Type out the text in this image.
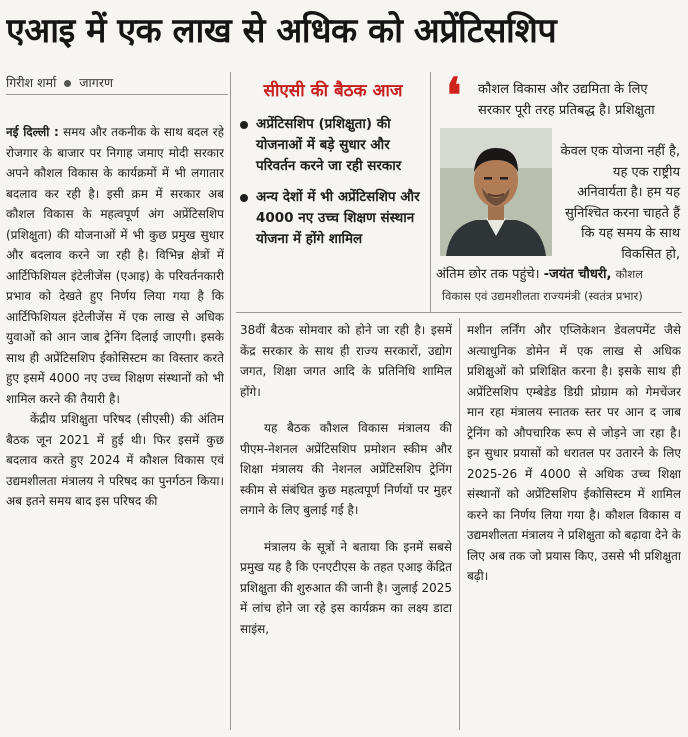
एआइ में एक लाख से अधिक को अप्रेंटिसशिप
गिरीश शर्मा जागरण

नई दिल्ली : समय और तकनीक के साथ बदल रहे रोजगार के बाजार पर निगाह जमाए मोदी सरकार अपने कौशल विकास के कार्यक्रमों में भी लगातार बदलाव कर रही है। इसी क्रम में सरकार अब कौशल विकास के महत्वपूर्ण अंग अप्रेंटिसशिप (प्रशिक्षुता) की योजनाओं में भी कुछ प्रमुख सुधार और बदलाव करने जा रही है। विभिन्न क्षेत्रों में आर्टिफिशियल इंटेलीजेंस (एआइ) के परिवर्तनकारी प्रभाव को देखते हुए निर्णय लिया गया है कि आर्टिफिशियल इंटेलीजेंस में एक लाख से अधिक युवाओं को आन जाब ट्रेनिंग दिलाई जाएगी। इसके साथ ही अप्रेंटिसशिप ईकोसिस्टम का विस्तार करते हुए इसमें 4000 नए उच्च शिक्षण संस्थानों को भी शामिल करने की तैयारी है।

केंद्रीय प्रशिक्षुता परिषद (सीएसी) की अंतिम बैठक जून 2021 में हुई थी। फिर इसमें कुछ बदलाव करते हुए 2024 में कौशल विकास एवं उद्यमशीलता मंत्रालय ने परिषद का पुनर्गठन किया। अब इतने समय बाद इस परिषद की

सीएसी की बैठक आज
अप्रेंटिसशिप (प्रशिक्षुता) की योजनाओं में बड़े सुधार और परिवर्तन करने जा रही सरकार
अन्य देशों में भी अप्रेंटिसशिप और 4000 नए उच्च शिक्षण संस्थान योजना में होंगे शामिल
❛ कौशल विकास और उद्यमिता के लिए सरकार पूरी तरह प्रतिबद्ध है। प्रशिक्षुता
केवल एक योजना नहीं है, यह एक राष्ट्रीय अनिवार्यता है। हम यह सुनिश्चित करना चाहते हैं कि यह समय के साथ विकसित हो,
अंतिम छोर तक पहुंचे। -जयंत चौधरी, कौशल
विकास एवं उद्यमशीलता राज्यमंत्री (स्वतंत्र प्रभार)

38वीं बैठक सोमवार को होने जा रही है। इसमें केंद्र सरकार के साथ ही राज्य सरकारों, उद्योग जगत, शिक्षा जगत आदि के प्रतिनिधि शामिल होंगे।

यह बैठक कौशल विकास मंत्रालय की पीएम-नेशनल अप्रेंटिसशिप प्रमोशन स्कीम और शिक्षा मंत्रालय की नेशनल अप्रेंटिसशिप ट्रेनिंग स्कीम से संबंधित कुछ महत्वपूर्ण निर्णयों पर मुहर लगाने के लिए बुलाई गई है।

मंत्रालय के सूत्रों ने बताया कि इनमें सबसे प्रमुख यह है कि एनएटीएस के तहत एआइ केंद्रित प्रशिक्षुता की शुरुआत की जानी है। जुलाई 2025 में लांच होने जा रहे इस कार्यक्रम का लक्ष्य डाटा साइंस,

मशीन लर्निंग और एप्लिकेशन डेवलपमेंट जैसे अत्याधुनिक डोमेन में एक लाख से अधिक प्रशिक्षुओं को प्रशिक्षित करना है। इसके साथ ही अप्रेंटिसशिप एम्बेडेड डिग्री प्रोग्राम को गेमचेंजर मान रहा मंत्रालय स्नातक स्तर पर आन द जाब ट्रेनिंग को औपचारिक रूप से जोड़ने जा रहा है। इन सुधार प्रयासों को धरातल पर उतारने के लिए 2025-26 में 4000 से अधिक उच्च शिक्षा संस्थानों को अप्रेंटिसशिप ईकोसिस्टम में शामिल करने का निर्णय लिया गया है। कौशल विकास व उद्यमशीलता मंत्रालय ने प्रशिक्षुता को बढ़ावा देने के लिए अब तक जो प्रयास किए, उससे भी प्रशिक्षुता बढ़ी।
